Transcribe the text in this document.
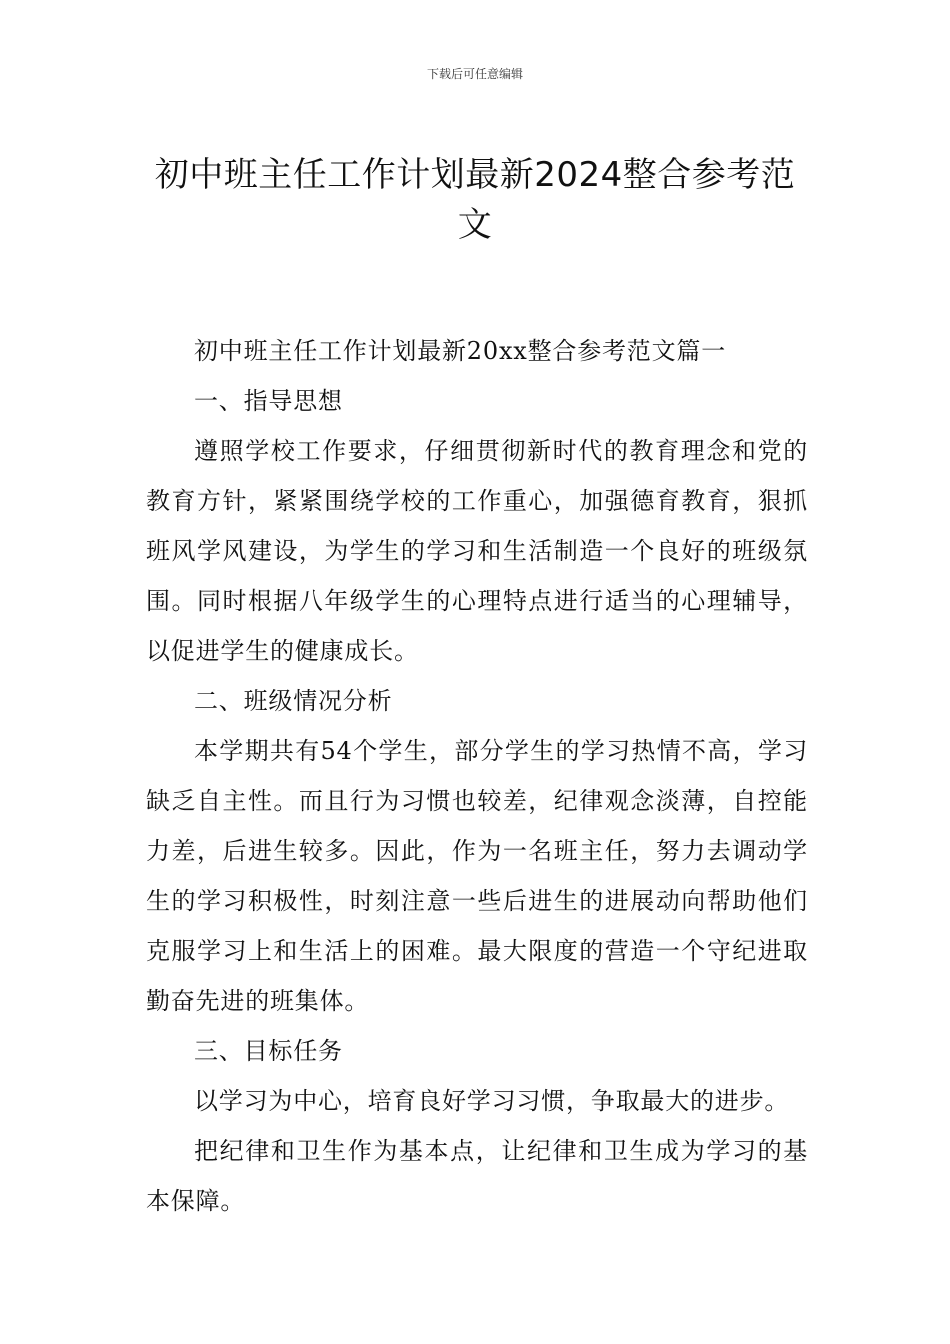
下载后可任意编辑
初中班主任工作计划最新2024整合参考范文

初中班主任工作计划最新20xx整合参考范文篇一

一、指导思想

遵照学校工作要求，仔细贯彻新时代的教育理念和党的教育方针，紧紧围绕学校的工作重心，加强德育教育，狠抓班风学风建设，为学生的学习和生活制造一个良好的班级氛围。同时根据八年级学生的心理特点进行适当的心理辅导，以促进学生的健康成长。

二、班级情况分析

本学期共有54个学生，部分学生的学习热情不高，学习缺乏自主性。而且行为习惯也较差，纪律观念淡薄，自控能力差，后进生较多。因此，作为一名班主任，努力去调动学生的学习积极性，时刻注意一些后进生的进展动向帮助他们克服学习上和生活上的困难。最大限度的营造一个守纪进取勤奋先进的班集体。

三、目标任务

以学习为中心，培育良好学习习惯，争取最大的进步。

把纪律和卫生作为基本点，让纪律和卫生成为学习的基本保障。
